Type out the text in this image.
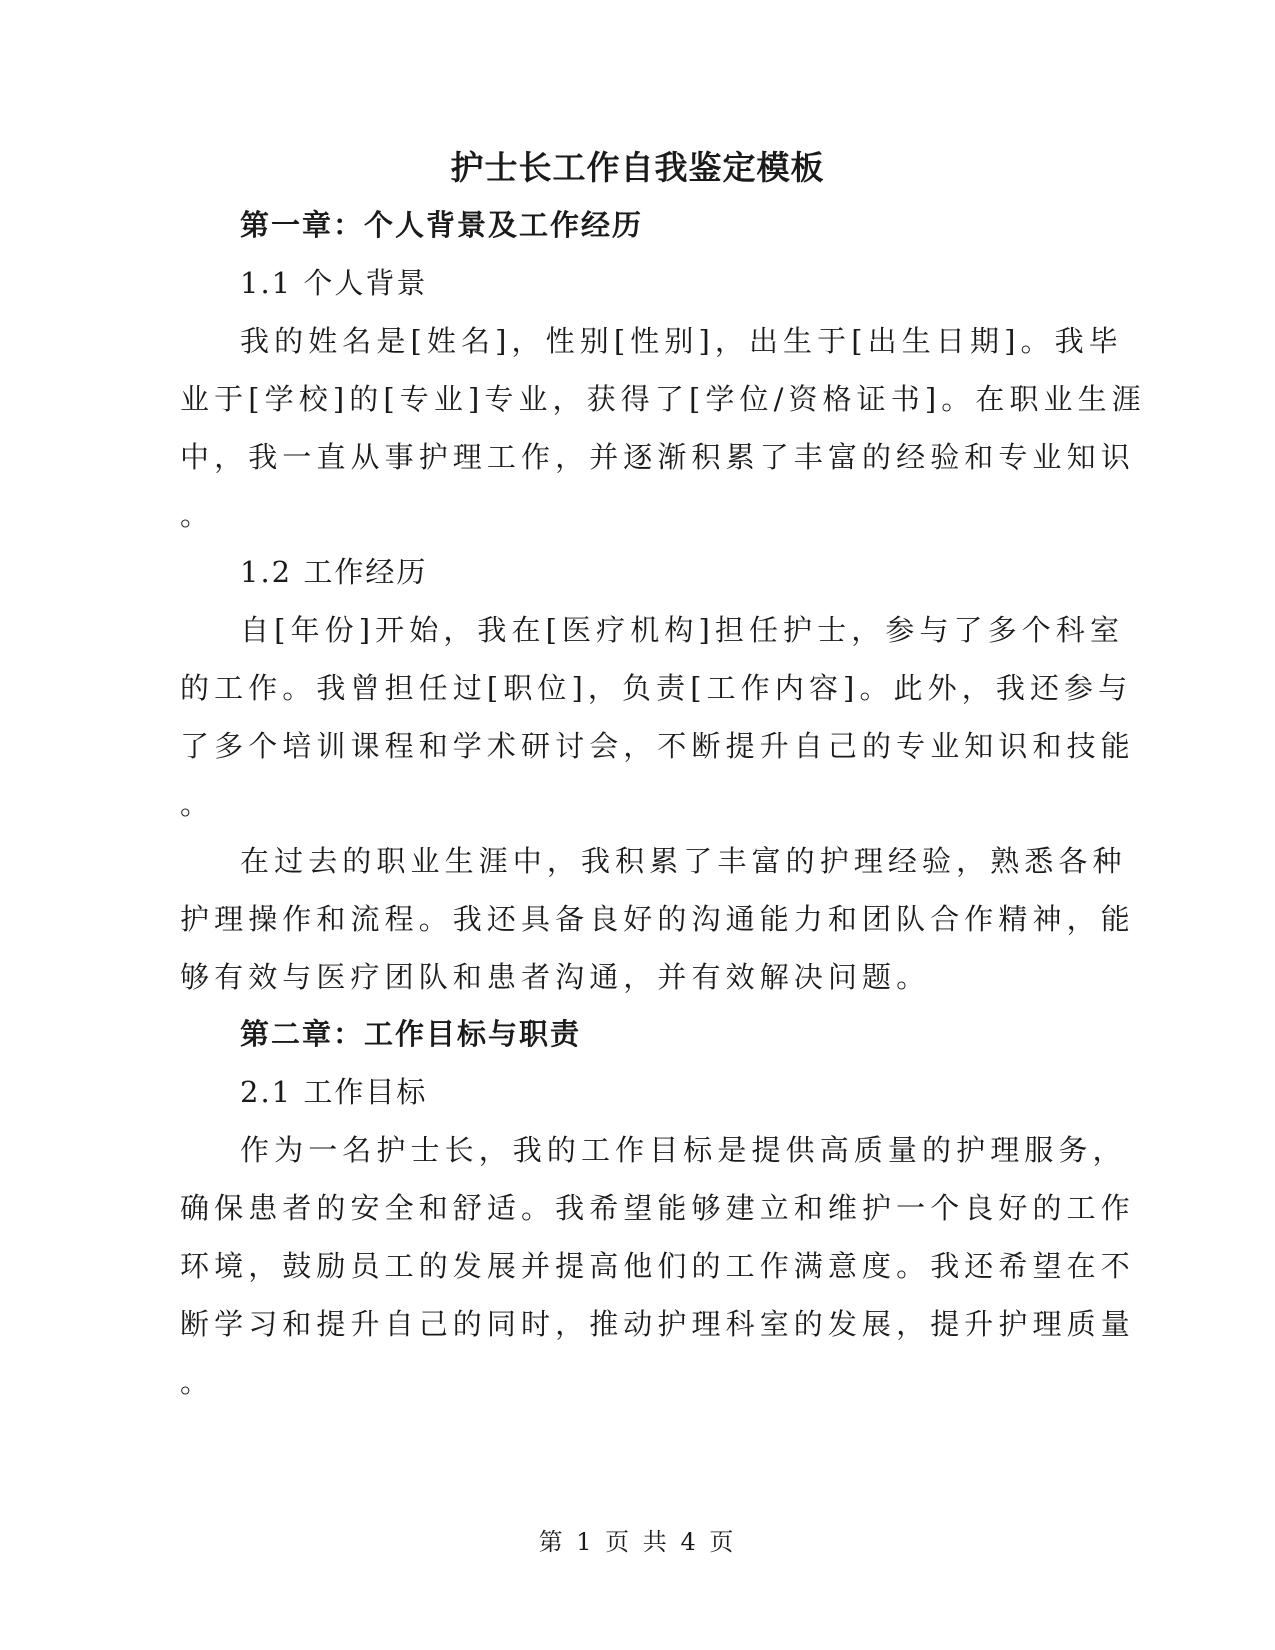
护士长工作自我鉴定模板
第一章：个人背景及工作经历
1.1 个人背景
我的姓名是[姓名]，性别[性别]，出生于[出生日期]。我毕
业于[学校]的[专业]专业，获得了[学位/资格证书]。在职业生涯
中，我一直从事护理工作，并逐渐积累了丰富的经验和专业知识
。
1.2 工作经历
自[年份]开始，我在[医疗机构]担任护士，参与了多个科室
的工作。我曾担任过[职位]，负责[工作内容]。此外，我还参与
了多个培训课程和学术研讨会，不断提升自己的专业知识和技能
。
在过去的职业生涯中，我积累了丰富的护理经验，熟悉各种
护理操作和流程。我还具备良好的沟通能力和团队合作精神，能
够有效与医疗团队和患者沟通，并有效解决问题。
第二章：工作目标与职责
2.1 工作目标
作为一名护士长，我的工作目标是提供高质量的护理服务，
确保患者的安全和舒适。我希望能够建立和维护一个良好的工作
环境，鼓励员工的发展并提高他们的工作满意度。我还希望在不
断学习和提升自己的同时，推动护理科室的发展，提升护理质量
。
第 1 页 共 4 页
